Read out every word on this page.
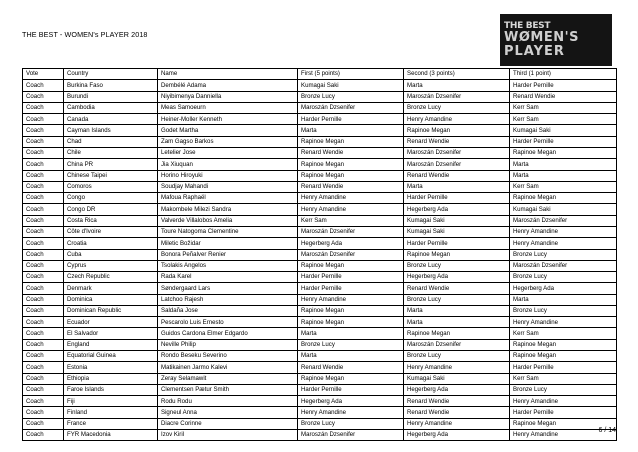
THE BEST - WOMEN's PLAYER 2018
THE BEST
WØMEN'S
PLAYER
Vote	Country	Name	First (5 points)	Second (3 points)	Third (1 point)
Coach	Burkina Faso	Dembélé Adama	Kumagai Saki	Marta	Harder Pernille
Coach	Burundi	Niyibimenya Danniella	Bronze Lucy	Maroszán Dzsenifer	Renard Wendie
Coach	Cambodia	Meas Samoeurn	Maroszán Dzsenifer	Bronze Lucy	Kerr Sam
Coach	Canada	Heiner-Moller Kenneth	Harder Pernille	Henry Amandine	Kerr Sam
Coach	Cayman Islands	Godet Martha	Marta	Rapinoe Megan	Kumagai Saki
Coach	Chad	Zam Gagso Barkos	Rapinoe Megan	Renard Wendie	Harder Pernille
Coach	Chile	Letelier Jose	Renard Wendie	Maroszán Dzsenifer	Rapinoe Megan
Coach	China PR	Jia Xiuquan	Rapinoe Megan	Maroszán Dzsenifer	Marta
Coach	Chinese Taipei	Horino Hiroyuki	Rapinoe Megan	Renard Wendie	Marta
Coach	Comoros	Soudjay Mahandi	Renard Wendie	Marta	Kerr Sam
Coach	Congo	Mafoua Raphaël	Henry Amandine	Harder Pernille	Rapinoe Megan
Coach	Congo DR	Makombele Milezi Sandra	Henry Amandine	Hegerberg Ada	Kumagai Saki
Coach	Costa Rica	Valverde Villalobos Amelia	Kerr Sam	Kumagai Saki	Maroszán Dzsenifer
Coach	Côte d'Ivoire	Toure Natogoma Clementine	Maroszán Dzsenifer	Kumagai Saki	Henry Amandine
Coach	Croatia	Miletic Božidar	Hegerberg Ada	Harder Pernille	Henry Amandine
Coach	Cuba	Bonora Peñalver Renier	Maroszán Dzsenifer	Rapinoe Megan	Bronze Lucy
Coach	Cyprus	Tsolakis Angelos	Rapinoe Megan	Bronze Lucy	Maroszán Dzsenifer
Coach	Czech Republic	Rada Karel	Harder Pernille	Hegerberg Ada	Bronze Lucy
Coach	Denmark	Søndergaard Lars	Harder Pernille	Renard Wendie	Hegerberg Ada
Coach	Dominica	Latchoo Rajesh	Henry Amandine	Bronze Lucy	Marta
Coach	Dominican Republic	Saldaña Jose	Rapinoe Megan	Marta	Bronze Lucy
Coach	Ecuador	Pescarolo Luis Ernesto	Rapinoe Megan	Marta	Henry Amandine
Coach	El Salvador	Guidos Cardona Elmer Edgardo	Marta	Rapinoe Megan	Kerr Sam
Coach	England	Neville Philip	Bronze Lucy	Maroszán Dzsenifer	Rapinoe Megan
Coach	Equatorial Guinea	Rondo Beseku Severino	Marta	Bronze Lucy	Rapinoe Megan
Coach	Estonia	Matikainen Jarmo Kalevi	Renard Wendie	Henry Amandine	Harder Pernille
Coach	Ethiopia	Zeray Selamawit	Rapinoe Megan	Kumagai Saki	Kerr Sam
Coach	Faroe Islands	Clementsen Pætur Smith	Harder Pernille	Hegerberg Ada	Bronze Lucy
Coach	Fiji	Rodu Rodu	Hegerberg Ada	Renard Wendie	Henry Amandine
Coach	Finland	Signeul Anna	Henry Amandine	Renard Wendie	Harder Pernille
Coach	France	Diacre Corinne	Bronze Lucy	Henry Amandine	Rapinoe Megan
Coach	FYR Macedonia	Izov Kiril	Maroszán Dzsenifer	Hegerberg Ada	Henry Amandine
6 / 14
